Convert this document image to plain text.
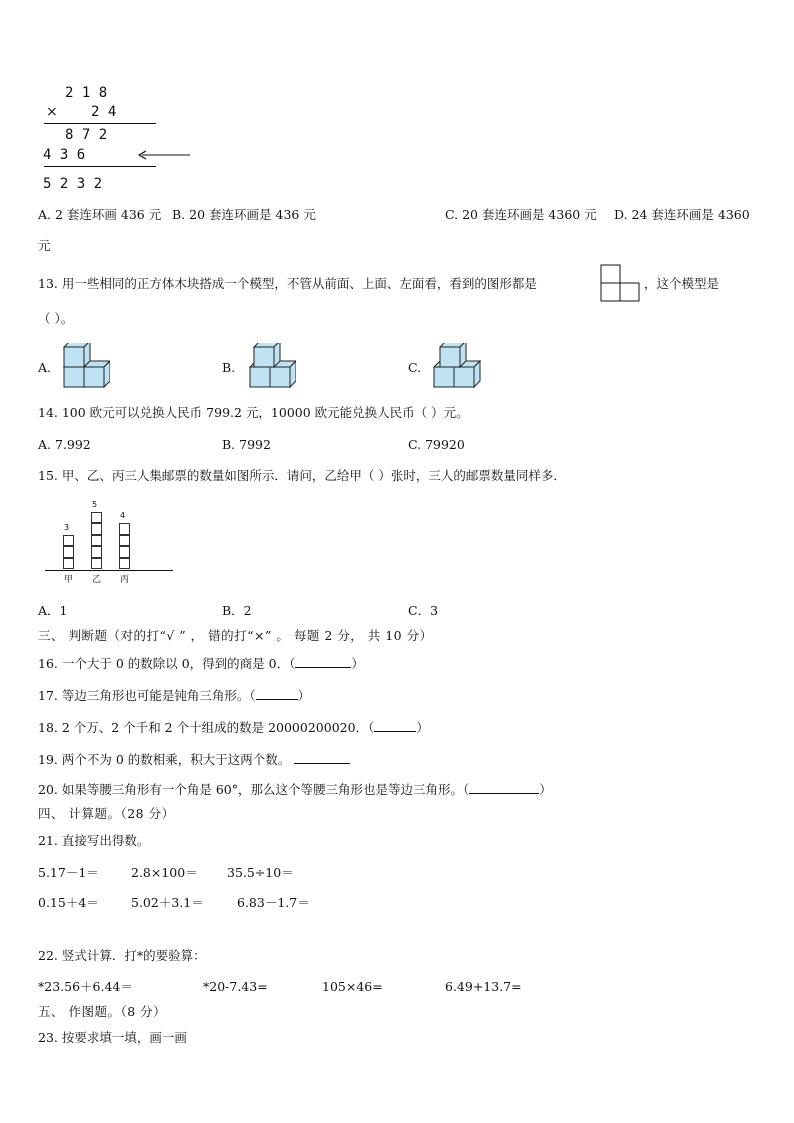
2 1 8
× 2 4
8 7 2
4 3 6
5 2 3 2
A. 2 套连环画 436 元 B. 20 套连环画是 436 元	C. 20 套连环画是 4360 元 D. 24 套连环画是 4360
元
13. 用一些相同的正方体木块搭成一个模型，不管从前面、上面、左面看，看到的图形都是	，这个模型是
（ ）。
A.	B.	C.
14. 100 欧元可以兑换人民币 799.2 元，10000 欧元能兑换人民币（ ）元。
A. 7.992	B. 7992	C. 79920
15. 甲、乙、丙三人集邮票的数量如图所示．请问，乙给甲（ ）张时，三人的邮票数量同样多．
3
甲
5
乙
4
丙
A．1	B．2	C．3
三、 判断题（对的打“√ ” ， 错的打“×” 。 每题 2 分， 共 10 分）
16. 一个大于 0 的数除以 0，得到的商是 0．（	）
17. 等边三角形也可能是钝角三角形。（	）
18. 2 个万、2 个千和 2 个十组成的数是 20000200020．（	）
19. 两个不为 0 的数相乘，积大于这两个数。
20. 如果等腰三角形有一个角是 60°，那么这个等腰三角形也是等边三角形。（	）
四、 计算题。（28 分）
21. 直接写出得数。
5.17－1＝	2.8×100＝ 35.5÷10＝
0.15＋4＝	5.02＋3.1＝	6.83－1.7＝
22. 竖式计算．打*的要验算：
*23.56＋6.44＝	*20-7.43=	105×46=	6.49+13.7=
五、 作图题。（8 分）
23. 按要求填一填，画一画
